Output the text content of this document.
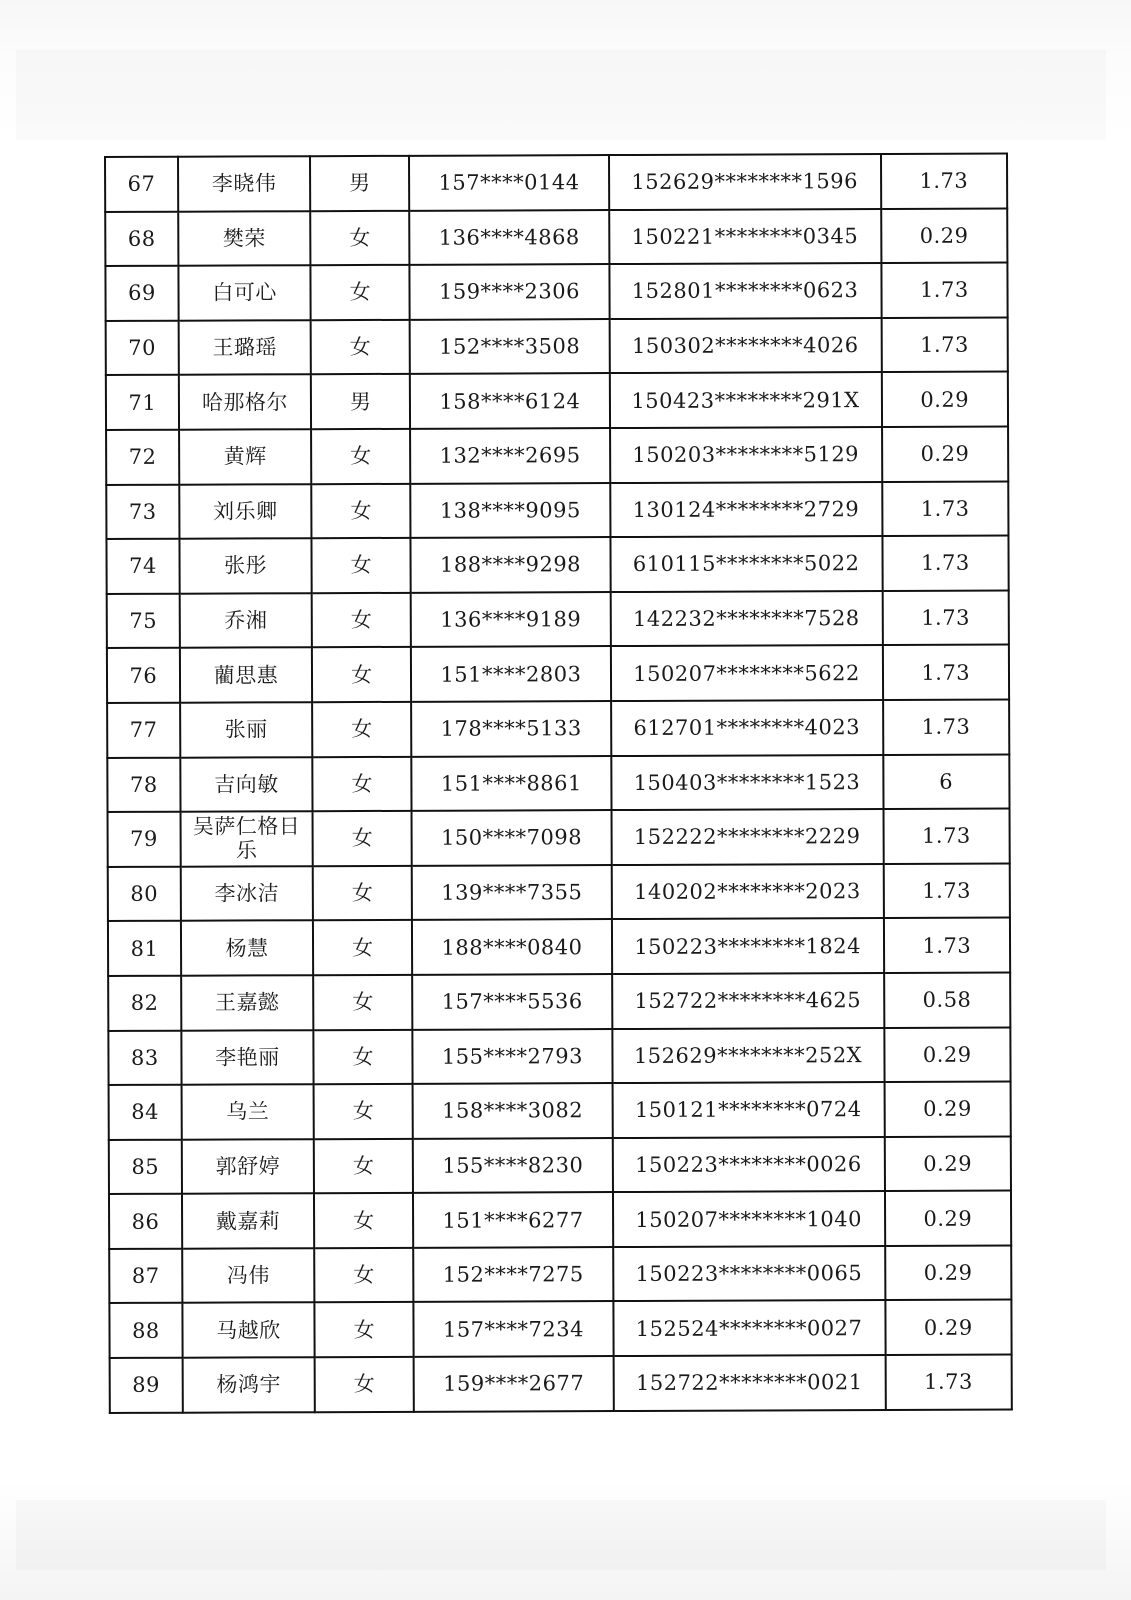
67	李晓伟	男	157****0144	152629********1596	1.73
68	樊荣	女	136****4868	150221********0345	0.29
69	白可心	女	159****2306	152801********0623	1.73
70	王璐瑶	女	152****3508	150302********4026	1.73
71	哈那格尔	男	158****6124	150423********291X	0.29
72	黄辉	女	132****2695	150203********5129	0.29
73	刘乐卿	女	138****9095	130124********2729	1.73
74	张彤	女	188****9298	610115********5022	1.73
75	乔湘	女	136****9189	142232********7528	1.73
76	藺思惠	女	151****2803	150207********5622	1.73
77	张丽	女	178****5133	612701********4023	1.73
78	吉向敏	女	151****8861	150403********1523	6
79	吴萨仁格日乐	女	150****7098	152222********2229	1.73
80	李冰洁	女	139****7355	140202********2023	1.73
81	杨慧	女	188****0840	150223********1824	1.73
82	王嘉懿	女	157****5536	152722********4625	0.58
83	李艳丽	女	155****2793	152629********252X	0.29
84	乌兰	女	158****3082	150121********0724	0.29
85	郭舒婷	女	155****8230	150223********0026	0.29
86	戴嘉莉	女	151****6277	150207********1040	0.29
87	冯伟	女	152****7275	150223********0065	0.29
88	马越欣	女	157****7234	152524********0027	0.29
89	杨鸿宇	女	159****2677	152722********0021	1.73
